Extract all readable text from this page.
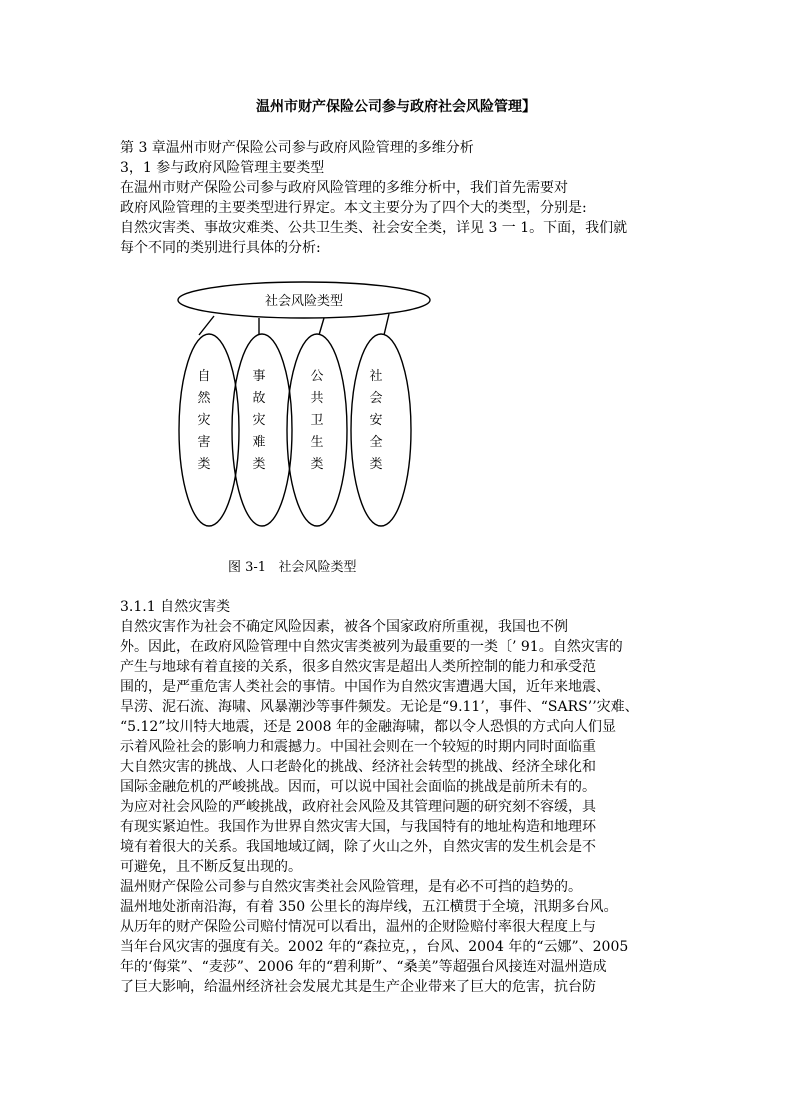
温州市财产保险公司参与政府社会风险管理】
第 3 章温州市财产保险公司参与政府风险管理的多维分析
3，1 参与政府风险管理主要类型
在温州市财产保险公司参与政府风险管理的多维分析中，我们首先需要对
政府风险管理的主要类型进行界定。本文主要分为了四个大的类型，分别是:
自然灾害类、事故灾难类、公共卫生类、社会安全类，详见 3 一 1。下面，我们就
每个不同的类别进行具体的分析:
社会风险类型
自
然
灾
害
类
事
故
灾
难
类
公
共
卫
生
类
社
会
安
全
类
图 3-1   社会风险类型
3.1.1 自然灾害类
自然灾害作为社会不确定风险因素，被各个国家政府所重视，我国也不例
外。因此，在政府风险管理中自然灾害类被列为最重要的一类〔’ 91。自然灾害的
产生与地球有着直接的关系，很多自然灾害是超出人类所控制的能力和承受范
围的，是严重危害人类社会的事情。中国作为自然灾害遭遇大国，近年来地震、
旱涝、泥石流、海啸、风暴潮沙等事件频发。无论是“9.11’，事件、“SARS’’灾难、
“5.12”坟川特大地震，还是 2008 年的金融海啸，都以令人恐惧的方式向人们显
示着风险社会的影响力和震撼力。中国社会则在一个较短的时期内同时面临重
大自然灾害的挑战、人口老龄化的挑战、经济社会转型的挑战、经济全球化和
国际金融危机的严峻挑战。因而，可以说中国社会面临的挑战是前所未有的。
为应对社会风险的严峻挑战，政府社会风险及其管理问题的研究刻不容缓，具
有现实紧迫性。我国作为世界自然灾害大国，与我国特有的地址构造和地理环
境有着很大的关系。我国地域辽阔，除了火山之外，自然灾害的发生机会是不
可避免，且不断反复出现的。
温州财产保险公司参与自然灾害类社会风险管理，是有必不可挡的趋势的。
温州地处浙南沿海，有着 350 公里长的海岸线，五江横贯于全境，汛期多台风。
从历年的财产保险公司赔付情况可以看出，温州的企财险赔付率很大程度上与
当年台风灾害的强度有关。2002 年的“森拉克，，台风、2004 年的“云娜”、2005
年的‘侮棠”、“麦莎”、2006 年的“碧利斯”、“桑美”等超强台风接连对温州造成
了巨大影响，给温州经济社会发展尤其是生产企业带来了巨大的危害，抗台防
